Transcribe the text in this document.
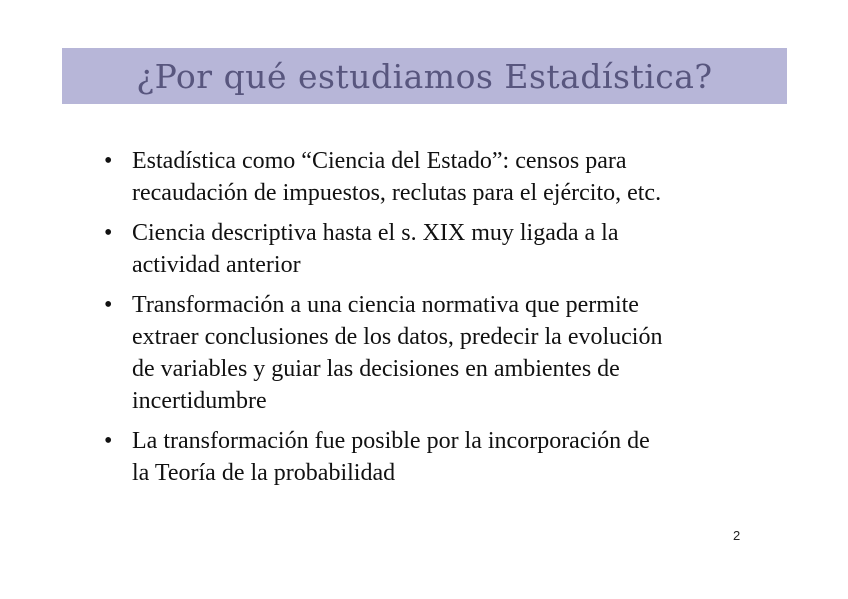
¿Por qué estudiamos Estadística?
• Estadística como “Ciencia del Estado”: censos para
recaudación de impuestos, reclutas para el ejército, etc.
• Ciencia descriptiva hasta el s. XIX muy ligada a la
actividad anterior
• Transformación a una ciencia normativa que permite
extraer conclusiones de los datos, predecir la evolución
de variables y guiar las decisiones en ambientes de
incertidumbre
• La transformación fue posible por la incorporación de
la Teoría de la probabilidad
2
